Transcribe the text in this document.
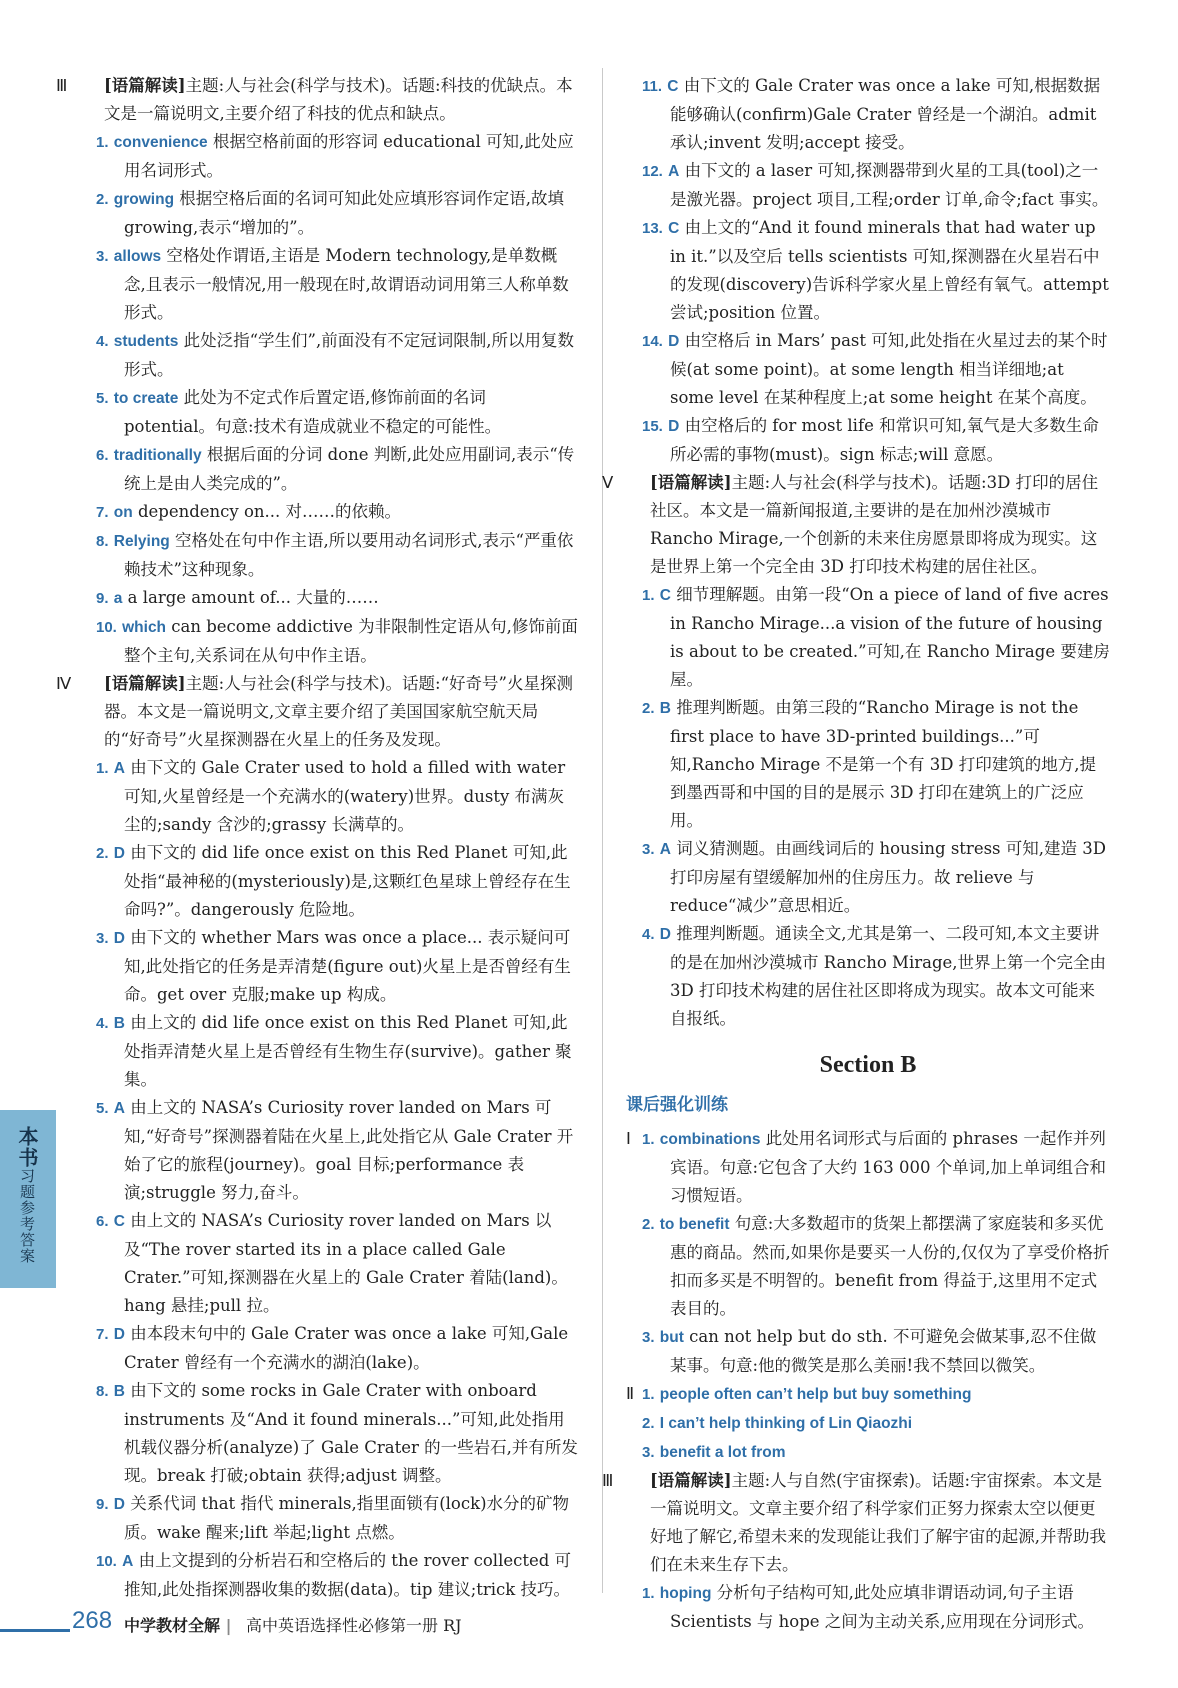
Ⅲ [语篇解读]主题:人与社会(科学与技术)。话题:科技的优缺点。本文是一篇说明文,主要介绍了科技的优点和缺点。

1. convenience 根据空格前面的形容词 educational 可知,此处应用名词形式。

2. growing 根据空格后面的名词可知此处应填形容词作定语,故填 growing,表示“增加的”。

3. allows 空格处作谓语,主语是 Modern technology,是单数概念,且表示一般情况,用一般现在时,故谓语动词用第三人称单数形式。

4. students 此处泛指“学生们”,前面没有不定冠词限制,所以用复数形式。

5. to create 此处为不定式作后置定语,修饰前面的名词 potential。句意:技术有造成就业不稳定的可能性。

6. traditionally 根据后面的分词 done 判断,此处应用副词,表示“传统上是由人类完成的”。

7. on dependency on... 对……的依赖。

8. Relying 空格处在句中作主语,所以要用动名词形式,表示“严重依赖技术”这种现象。

9. a a large amount of... 大量的……

10. which can become addictive 为非限制性定语从句,修饰前面整个主句,关系词在从句中作主语。

Ⅳ [语篇解读]主题:人与社会(科学与技术)。话题:“好奇号”火星探测器。本文是一篇说明文,文章主要介绍了美国国家航空航天局的“好奇号”火星探测器在火星上的任务及发现。

1. A 由下文的 Gale Crater used to hold a filled with water 可知,火星曾经是一个充满水的(watery)世界。dusty 布满灰尘的;sandy 含沙的;grassy 长满草的。

2. D 由下文的 did life once exist on this Red Planet 可知,此处指“最神秘的(mysteriously)是,这颗红色星球上曾经存在生命吗?”。dangerously 危险地。

3. D 由下文的 whether Mars was once a place... 表示疑问可知,此处指它的任务是弄清楚(figure out)火星上是否曾经有生命。get over 克服;make up 构成。

4. B 由上文的 did life once exist on this Red Planet 可知,此处指弄清楚火星上是否曾经有生物生存(survive)。gather 聚集。

5. A 由上文的 NASA’s Curiosity rover landed on Mars 可知,“好奇号”探测器着陆在火星上,此处指它从 Gale Crater 开始了它的旅程(journey)。goal 目标;performance 表演;struggle 努力,奋斗。

6. C 由上文的 NASA’s Curiosity rover landed on Mars 以及“The rover started its in a place called Gale Crater.”可知,探测器在火星上的 Gale Crater 着陆(land)。hang 悬挂;pull 拉。

7. D 由本段末句中的 Gale Crater was once a lake 可知,Gale Crater 曾经有一个充满水的湖泊(lake)。

8. B 由下文的 some rocks in Gale Crater with onboard instruments 及“And it found minerals...”可知,此处指用机载仪器分析(analyze)了 Gale Crater 的一些岩石,并有所发现。break 打破;obtain 获得;adjust 调整。

9. D 关系代词 that 指代 minerals,指里面锁有(lock)水分的矿物质。wake 醒来;lift 举起;light 点燃。

10. A 由上文提到的分析岩石和空格后的 the rover collected 可推知,此处指探测器收集的数据(data)。tip 建议;trick 技巧。

11. C 由下文的 Gale Crater was once a lake 可知,根据数据能够确认(confirm)Gale Crater 曾经是一个湖泊。admit 承认;invent 发明;accept 接受。

12. A 由下文的 a laser 可知,探测器带到火星的工具(tool)之一是激光器。project 项目,工程;order 订单,命令;fact 事实。

13. C 由上文的“And it found minerals that had water up in it.”以及空后 tells scientists 可知,探测器在火星岩石中的发现(discovery)告诉科学家火星上曾经有氧气。attempt 尝试;position 位置。

14. D 由空格后 in Mars’ past 可知,此处指在火星过去的某个时候(at some point)。at some length 相当详细地;at some level 在某种程度上;at some height 在某个高度。

15. D 由空格后的 for most life 和常识可知,氧气是大多数生命所必需的事物(must)。sign 标志;will 意愿。

Ⅴ [语篇解读]主题:人与社会(科学与技术)。话题:3D 打印的居住社区。本文是一篇新闻报道,主要讲的是在加州沙漠城市 Rancho Mirage,一个创新的未来住房愿景即将成为现实。这是世界上第一个完全由 3D 打印技术构建的居住社区。

1. C 细节理解题。由第一段“On a piece of land of five acres in Rancho Mirage...a vision of the future of housing is about to be created.”可知,在 Rancho Mirage 要建房屋。

2. B 推理判断题。由第三段的“Rancho Mirage is not the first place to have 3D-printed buildings...”可知,Rancho Mirage 不是第一个有 3D 打印建筑的地方,提到墨西哥和中国的目的是展示 3D 打印在建筑上的广泛应用。

3. A 词义猜测题。由画线词后的 housing stress 可知,建造 3D 打印房屋有望缓解加州的住房压力。故 relieve 与 reduce“减少”意思相近。

4. D 推理判断题。通读全文,尤其是第一、二段可知,本文主要讲的是在加州沙漠城市 Rancho Mirage,世界上第一个完全由 3D 打印技术构建的居住社区即将成为现实。故本文可能来自报纸。

Section B
课后强化训练
Ⅰ 1. combinations 此处用名词形式与后面的 phrases 一起作并列宾语。句意:它包含了大约 163 000 个单词,加上单词组合和习惯短语。

2. to benefit 句意:大多数超市的货架上都摆满了家庭装和多买优惠的商品。然而,如果你是要买一人份的,仅仅为了享受价格折扣而多买是不明智的。benefit from 得益于,这里用不定式表目的。

3. but can not help but do sth. 不可避免会做某事,忍不住做某事。句意:他的微笑是那么美丽!我不禁回以微笑。

Ⅱ 1. people often can’t help but buy something

2. I can’t help thinking of Lin Qiaozhi

3. benefit a lot from

Ⅲ [语篇解读]主题:人与自然(宇宙探索)。话题:宇宙探索。本文是一篇说明文。文章主要介绍了科学家们正努力探索太空以便更好地了解它,希望未来的发现能让我们了解宇宙的起源,并帮助我们在未来生存下去。

1. hoping 分析句子结构可知,此处应填非谓语动词,句子主语 Scientists 与 hope 之间为主动关系,应用现在分词形式。

本书习题参考答案
268 中学教材全解 | 高中英语选择性必修第一册 RJ
